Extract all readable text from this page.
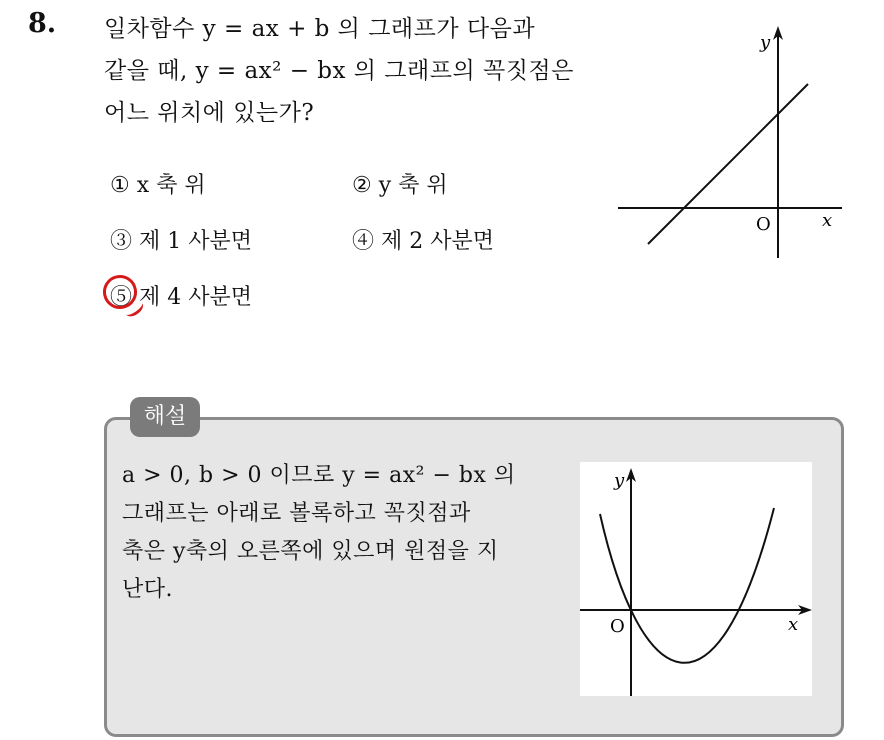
8. 일차함수 y = ax + b 의 그래프가 다음과
같을 때, y = ax² − bx 의 그래프의 꼭짓점은
어느 위치에 있는가?
① x 축 위	② y 축 위
③ 제 1 사분면	④ 제 2 사분면
⑤ 제 4 사분면
y
x
O
해설
a > 0, b > 0 이므로 y = ax² − bx 의
그래프는 아래로 볼록하고 꼭짓점과
축은 y축의 오른쪽에 있으며 원점을 지
난다.
y
x
O
